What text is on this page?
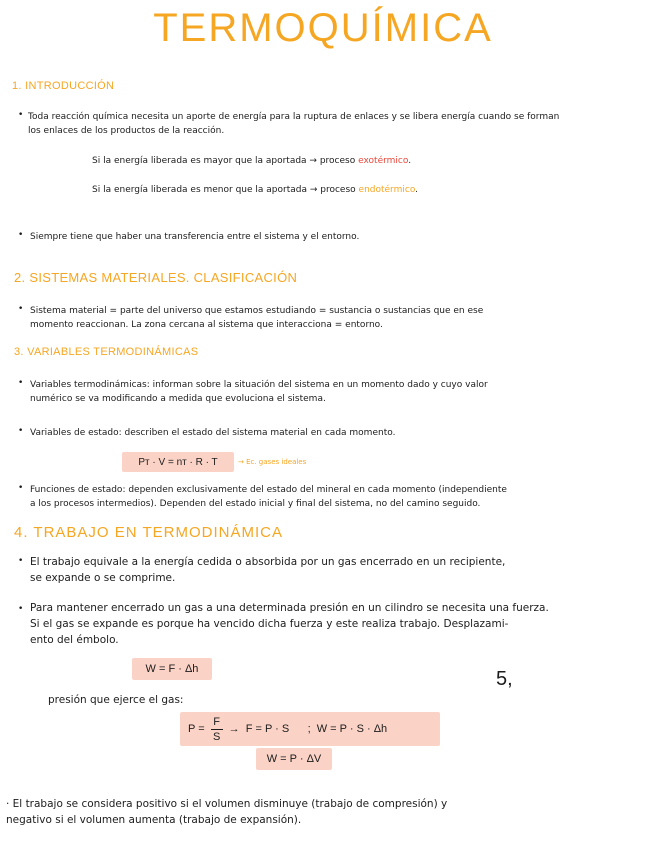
TERMOQUÍMICA
1. INTRODUCCIÓN
• Toda reacción química necesita un aporte de energía para la ruptura de enlaces y se libera energía cuando se forman
los enlaces de los productos de la reacción.
Si la energía liberada es mayor que la aportada → proceso exotérmico.
Si la energía liberada es menor que la aportada → proceso endotérmico.
• Siempre tiene que haber una transferencia entre el sistema y el entorno.
2. SISTEMAS MATERIALES. CLASIFICACIÓN
• Sistema material = parte del universo que estamos estudiando = sustancia o sustancias que en ese
momento reaccionan. La zona cercana al sistema que interacciona = entorno.
3. VARIABLES TERMODINÁMICAS
• Variables termodinámicas: informan sobre la situación del sistema en un momento dado y cuyo valor
numérico se va modificando a medida que evoluciona el sistema.
• Variables de estado: describen el estado del sistema material en cada momento.
Pᴛ · V = nᴛ · R · T	→ Ec. gases ideales
• Funciones de estado: dependen exclusivamente del estado del mineral en cada momento (independiente
a los procesos intermedios). Dependen del estado inicial y final del sistema, no del camino seguido.
4. TRABAJO EN TERMODINÁMICA
• El trabajo equivale a la energía cedida o absorbida por un gas encerrado en un recipiente,
se expande o se comprime.
• Para mantener encerrado un gas a una determinada presión en un cilindro se necesita una fuerza.
Si el gas se expande es porque ha vencido dicha fuerza y este realiza trabajo. Desplazami-
ento del émbolo.
W = F · Δh	5,
presión que ejerce el gas:
$P = \frac{F}{S} \to F = P \cdot S$      ;  W = P · S · Δh
W = P · ΔV
· El trabajo se considera positivo si el volumen disminuye (trabajo de compresión) y
negativo si el volumen aumenta (trabajo de expansión).
